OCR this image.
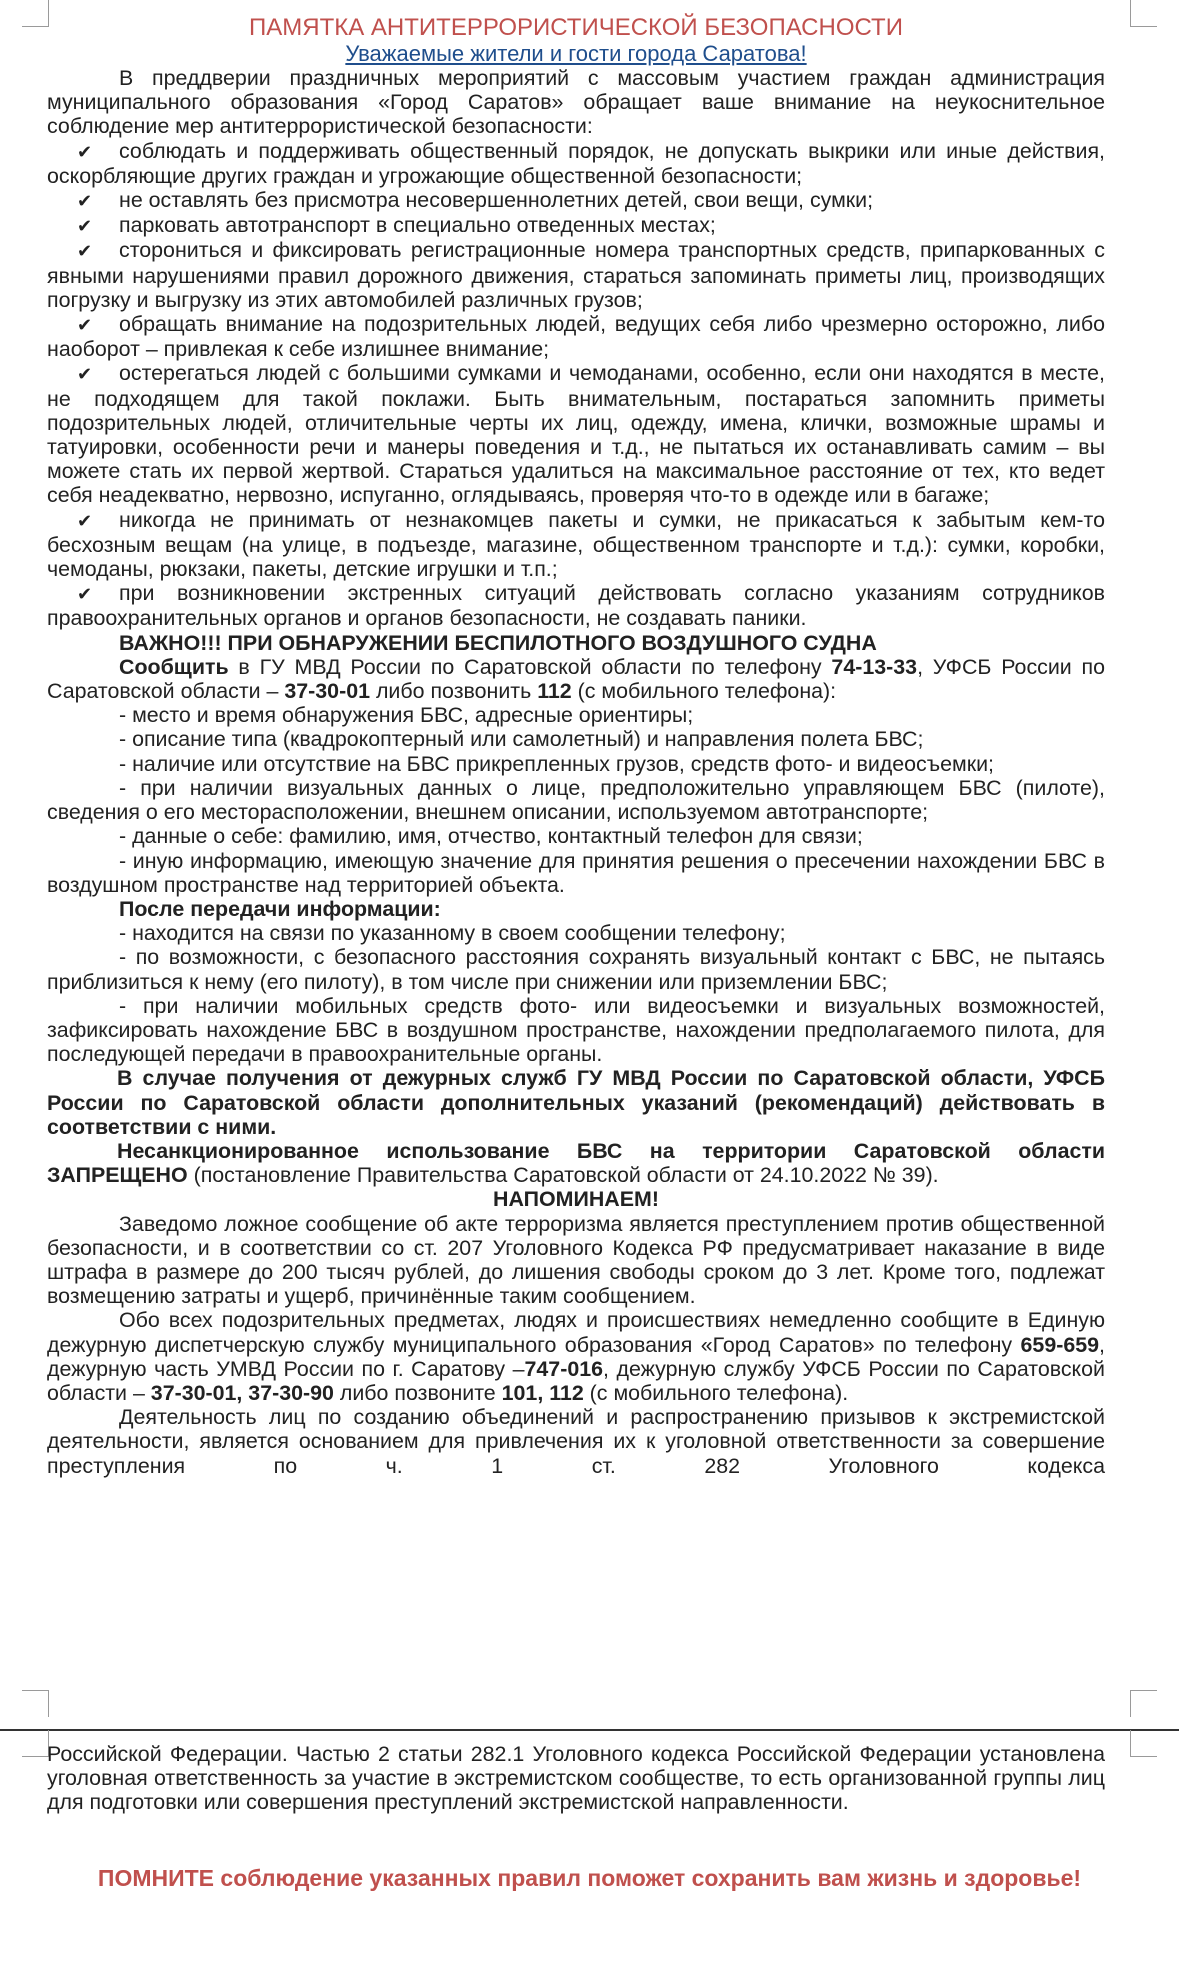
ПАМЯТКА АНТИТЕРРОРИСТИЧЕСКОЙ БЕЗОПАСНОСТИ

Уважаемые жители и гости города Саратова!

В преддверии праздничных мероприятий с массовым участием граждан администрация муниципального образования «Город Саратов» обращает ваше внимание на неукоснительное соблюдение мер антитеррористической безопасности:

✔ соблюдать и поддерживать общественный порядок, не допускать выкрики или иные действия, оскорбляющие других граждан и угрожающие общественной безопасности;

✔ не оставлять без присмотра несовершеннолетних детей, свои вещи, сумки;

✔ парковать автотранспорт в специально отведенных местах;

✔ сторониться и фиксировать регистрационные номера транспортных средств, припаркованных с явными нарушениями правил дорожного движения, стараться запоминать приметы лиц, производящих погрузку и выгрузку из этих автомобилей различных грузов;

✔ обращать внимание на подозрительных людей, ведущих себя либо чрезмерно осторожно, либо наоборот – привлекая к себе излишнее внимание;

✔ остерегаться людей с большими сумками и чемоданами, особенно, если они находятся в месте, не подходящем для такой поклажи. Быть внимательным, постараться запомнить приметы подозрительных людей, отличительные черты их лиц, одежду, имена, клички, возможные шрамы и татуировки, особенности речи и манеры поведения и т.д., не пытаться их останавливать самим – вы можете стать их первой жертвой. Стараться удалиться на максимальное расстояние от тех, кто ведет себя неадекватно, нервозно, испуганно, оглядываясь, проверяя что-то в одежде или в багаже;

✔ никогда не принимать от незнакомцев пакеты и сумки, не прикасаться к забытым кем-то бесхозным вещам (на улице, в подъезде, магазине, общественном транспорте и т.д.): сумки, коробки, чемоданы, рюкзаки, пакеты, детские игрушки и т.п.;

✔ при возникновении экстренных ситуаций действовать согласно указаниям сотрудников правоохранительных органов и органов безопасности, не создавать паники.

ВАЖНО!!! ПРИ ОБНАРУЖЕНИИ БЕСПИЛОТНОГО ВОЗДУШНОГО СУДНА

Сообщить в ГУ МВД России по Саратовской области по телефону 74-13-33, УФСБ России по Саратовской области – 37-30-01 либо позвонить 112 (с мобильного телефона):

- место и время обнаружения БВС, адресные ориентиры;

- описание типа (квадрокоптерный или самолетный) и направления полета БВС;

- наличие или отсутствие на БВС прикрепленных грузов, средств фото- и видеосъемки;

- при наличии визуальных данных о лице, предположительно управляющем БВС (пилоте), сведения о его месторасположении, внешнем описании, используемом автотранспорте;

- данные о себе: фамилию, имя, отчество, контактный телефон для связи;

- иную информацию, имеющую значение для принятия решения о пресечении нахождении БВС в воздушном пространстве над территорией объекта.

После передачи информации:

- находится на связи по указанному в своем сообщении телефону;

- по возможности, с безопасного расстояния сохранять визуальный контакт с БВС, не пытаясь приблизиться к нему (его пилоту), в том числе при снижении или приземлении БВС;

- при наличии мобильных средств фото- или видеосъемки и визуальных возможностей, зафиксировать нахождение БВС в воздушном пространстве, нахождении предполагаемого пилота, для последующей передачи в правоохранительные органы.

В случае получения от дежурных служб ГУ МВД России по Саратовской области, УФСБ России по Саратовской области дополнительных указаний (рекомендаций) действовать в соответствии с ними.

Несанкционированное использование БВС на территории Саратовской области ЗАПРЕЩЕНО (постановление Правительства Саратовской области от 24.10.2022 № 39).

НАПОМИНАЕМ!

Заведомо ложное сообщение об акте терроризма является преступлением против общественной безопасности, и в соответствии со ст. 207 Уголовного Кодекса РФ предусматривает наказание в виде штрафа в размере до 200 тысяч рублей, до лишения свободы сроком до 3 лет. Кроме того, подлежат возмещению затраты и ущерб, причинённые таким сообщением.

Обо всех подозрительных предметах, людях и происшествиях немедленно сообщите в Единую дежурную диспетчерскую службу муниципального образования «Город Саратов» по телефону 659-659, дежурную часть УМВД России по г. Саратову –747-016, дежурную службу УФСБ России по Саратовской области – 37-30-01, 37-30-90 либо позвоните 101, 112 (с мобильного телефона).

Деятельность лиц по созданию объединений и распространению призывов к экстремистской деятельности, является основанием для привлечения их к уголовной ответственности за совершение преступления по ч. 1 ст. 282 Уголовного кодекса

Российской Федерации. Частью 2 статьи 282.1 Уголовного кодекса Российской Федерации установлена уголовная ответственность за участие в экстремистском сообществе, то есть организованной группы лиц для подготовки или совершения преступлений экстремистской направленности.

ПОМНИТЕ соблюдение указанных правил поможет сохранить вам жизнь и здоровье!
